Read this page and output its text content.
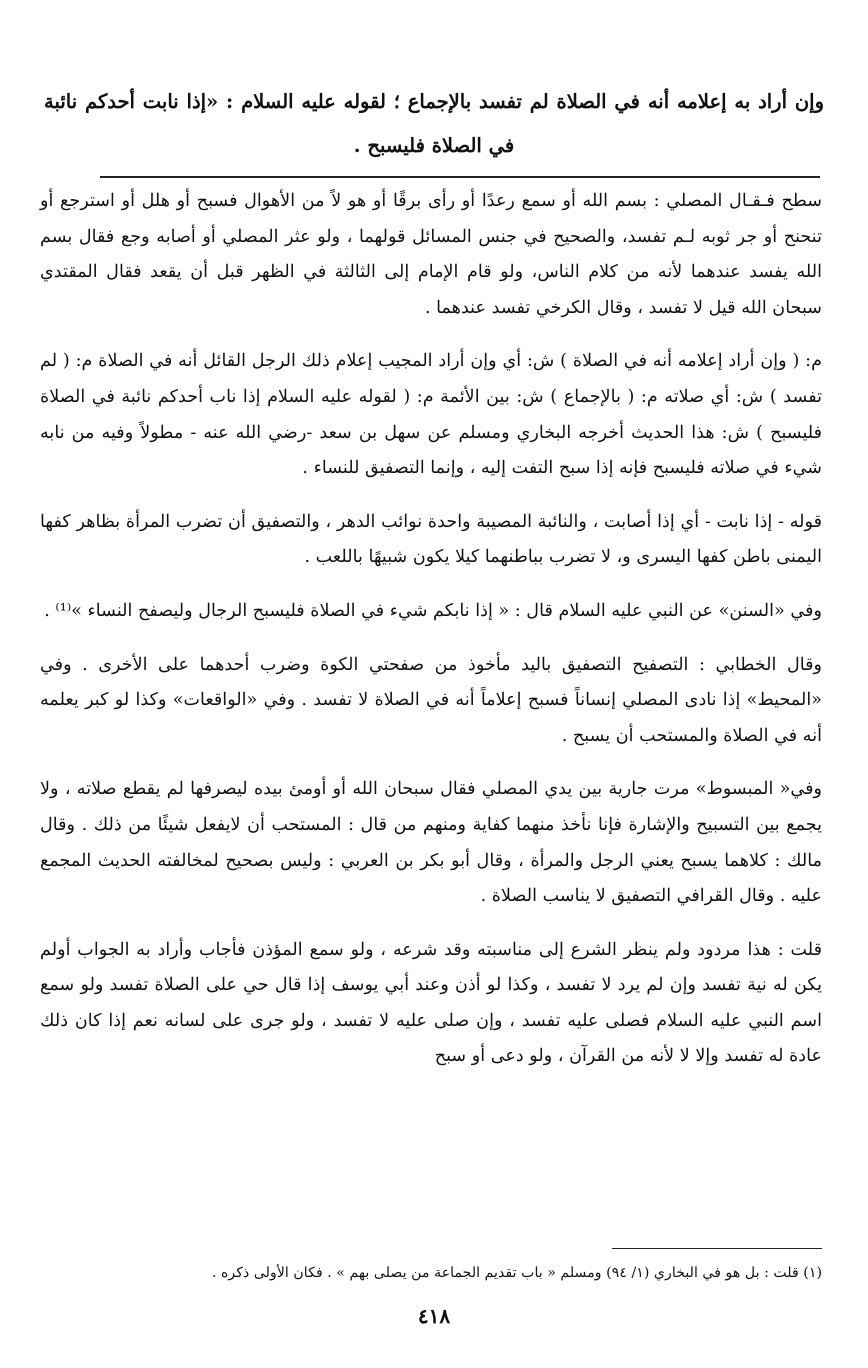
وإن أراد به إعلامه أنه في الصلاة لم تفسد بالإجماع ؛ لقوله عليه السلام : «إذا نابت أحدكم نائبة في الصلاة فليسبح .

سطح فـقـال المصلي : بسم الله أو سمع رعدًا أو رأى برقًا أو هو لاً من الأهوال فسبح أو هلل أو استرجع أو تنحنح أو جر ثوبه لـم تفسد، والصحيح في جنس المسائل قولهما ، ولو عثر المصلي أو أصابه وجع فقال بسم الله يفسد عندهما لأنه من كلام الناس، ولو قام الإمام إلى الثالثة في الظهر قبل أن يقعد فقال المقتدي سبحان الله قيل لا تفسد ، وقال الكرخي تفسد عندهما .

م: ( وإن أراد إعلامه أنه في الصلاة ) ش: أي وإن أراد المجيب إعلام ذلك الرجل القائل أنه في الصلاة م: ( لم تفسد ) ش: أي صلاته م: ( بالإجماع ) ش: بين الأئمة م: ( لقوله عليه السلام إذا ناب أحدكم نائبة في الصلاة فليسبح ) ش: هذا الحديث أخرجه البخاري ومسلم عن سهل بن سعد -رضي الله عنه - مطولاً وفيه من نابه شيء في صلاته فليسبح فإنه إذا سبح التفت إليه ، وإنما التصفيق للنساء .

قوله - إذا نابت - أي إذا أصابت ، والنائبة المصيبة واحدة نوائب الدهر ، والتصفيق أن تضرب المرأة بظاهر كفها اليمنى باطن كفها اليسرى و، لا تضرب بباطنهما كيلا يكون شبيهًا باللعب .

وفي «السنن» عن النبي عليه السلام قال : « إذا نابكم شيء في الصلاة فليسبح الرجال وليصفح النساء »⁽¹⁾ .

وقال الخطابي : التصفيح التصفيق باليد مأخوذ من صفحتي الكوة وضرب أحدهما على الأخرى . وفي «المحيط» إذا نادى المصلي إنساناً فسبح إعلاماً أنه في الصلاة لا تفسد . وفي «الواقعات» وكذا لو كبر يعلمه أنه في الصلاة والمستحب أن يسبح .

وفي« المبسوط» مرت جارية بين يدي المصلي فقال سبحان الله أو أومئ بيده ليصرفها لم يقطع صلاته ، ولا يجمع بين التسبيح والإشارة فإنا نأخذ منهما كفاية ومنهم من قال : المستحب أن لايفعل شيئًا من ذلك . وقال مالك : كلاهما يسبح يعني الرجل والمرأة ، وقال أبو بكر بن العربي : وليس بصحيح لمخالفته الحديث المجمع عليه . وقال القرافي التصفيق لا يناسب الصلاة .

قلت : هذا مردود ولم ينظر الشرع إلى مناسبته وقد شرعه ، ولو سمع المؤذن فأجاب وأراد به الجواب أولم يكن له نية تفسد وإن لم يرد لا تفسد ، وكذا لو أذن وعند أبي يوسف إذا قال حي على الصلاة تفسد ولو سمع اسم النبي عليه السلام فصلى عليه تفسد ، وإن صلى عليه لا تفسد ، ولو جرى على لسانه نعم إذا كان ذلك عادة له تفسد وإلا لا لأنه من القرآن ، ولو دعى أو سبح

(١) قلت : بل هو في البخاري (١/ ٩٤) ومسلم « باب تقديم الجماعة من يصلى بهم » . فكان الأولى ذكره .
٤١٨
